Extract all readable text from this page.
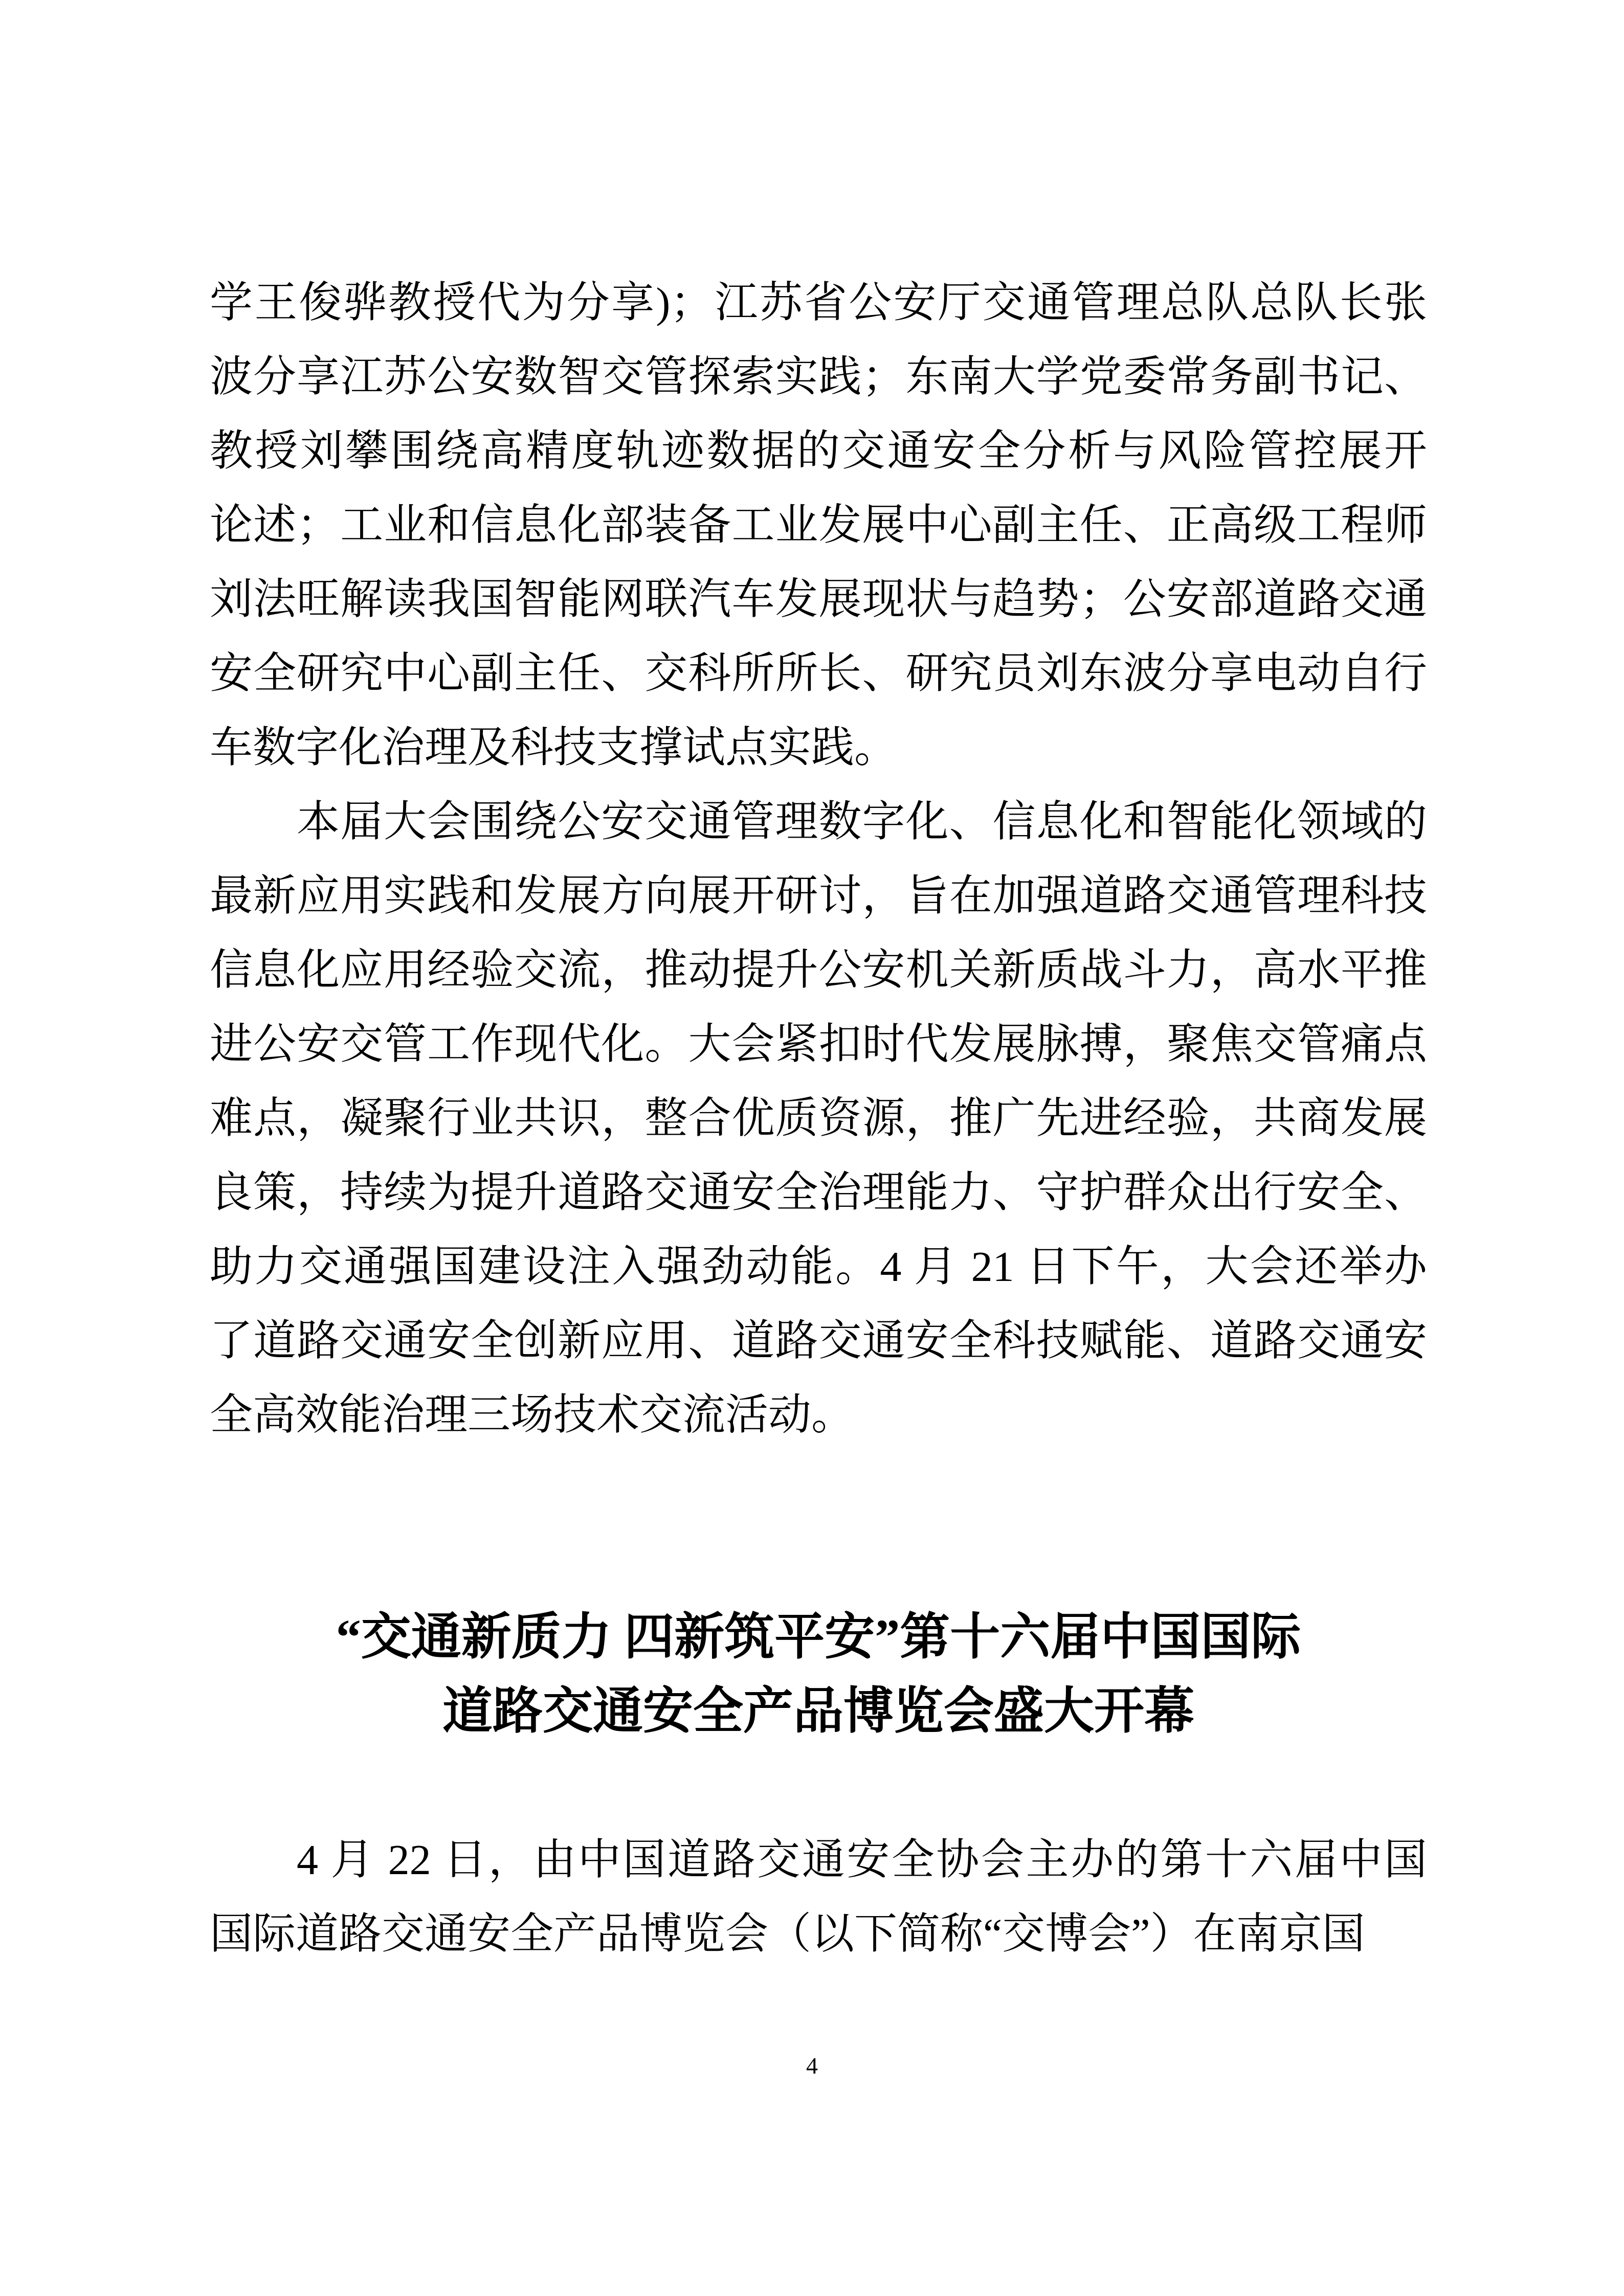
学王俊骅教授代为分享)；江苏省公安厅交通管理总队总队长张
波分享江苏公安数智交管探索实践；东南大学党委常务副书记、
教授刘攀围绕高精度轨迹数据的交通安全分析与风险管控展开
论述；工业和信息化部装备工业发展中心副主任、正高级工程师
刘法旺解读我国智能网联汽车发展现状与趋势；公安部道路交通
安全研究中心副主任、交科所所长、研究员刘东波分享电动自行
车数字化治理及科技支撑试点实践。
本届大会围绕公安交通管理数字化、信息化和智能化领域的
最新应用实践和发展方向展开研讨，旨在加强道路交通管理科技
信息化应用经验交流，推动提升公安机关新质战斗力，高水平推
进公安交管工作现代化。大会紧扣时代发展脉搏，聚焦交管痛点
难点，凝聚行业共识，整合优质资源，推广先进经验，共商发展
良策，持续为提升道路交通安全治理能力、守护群众出行安全、
助力交通强国建设注入强劲动能。4 月 21 日下午，大会还举办
了道路交通安全创新应用、道路交通安全科技赋能、道路交通安
全高效能治理三场技术交流活动。
“交通新质力 四新筑平安”第十六届中国国际
道路交通安全产品博览会盛大开幕
4 月 22 日，由中国道路交通安全协会主办的第十六届中国
国际道路交通安全产品博览会（以下简称“交博会”）在南京国
4
